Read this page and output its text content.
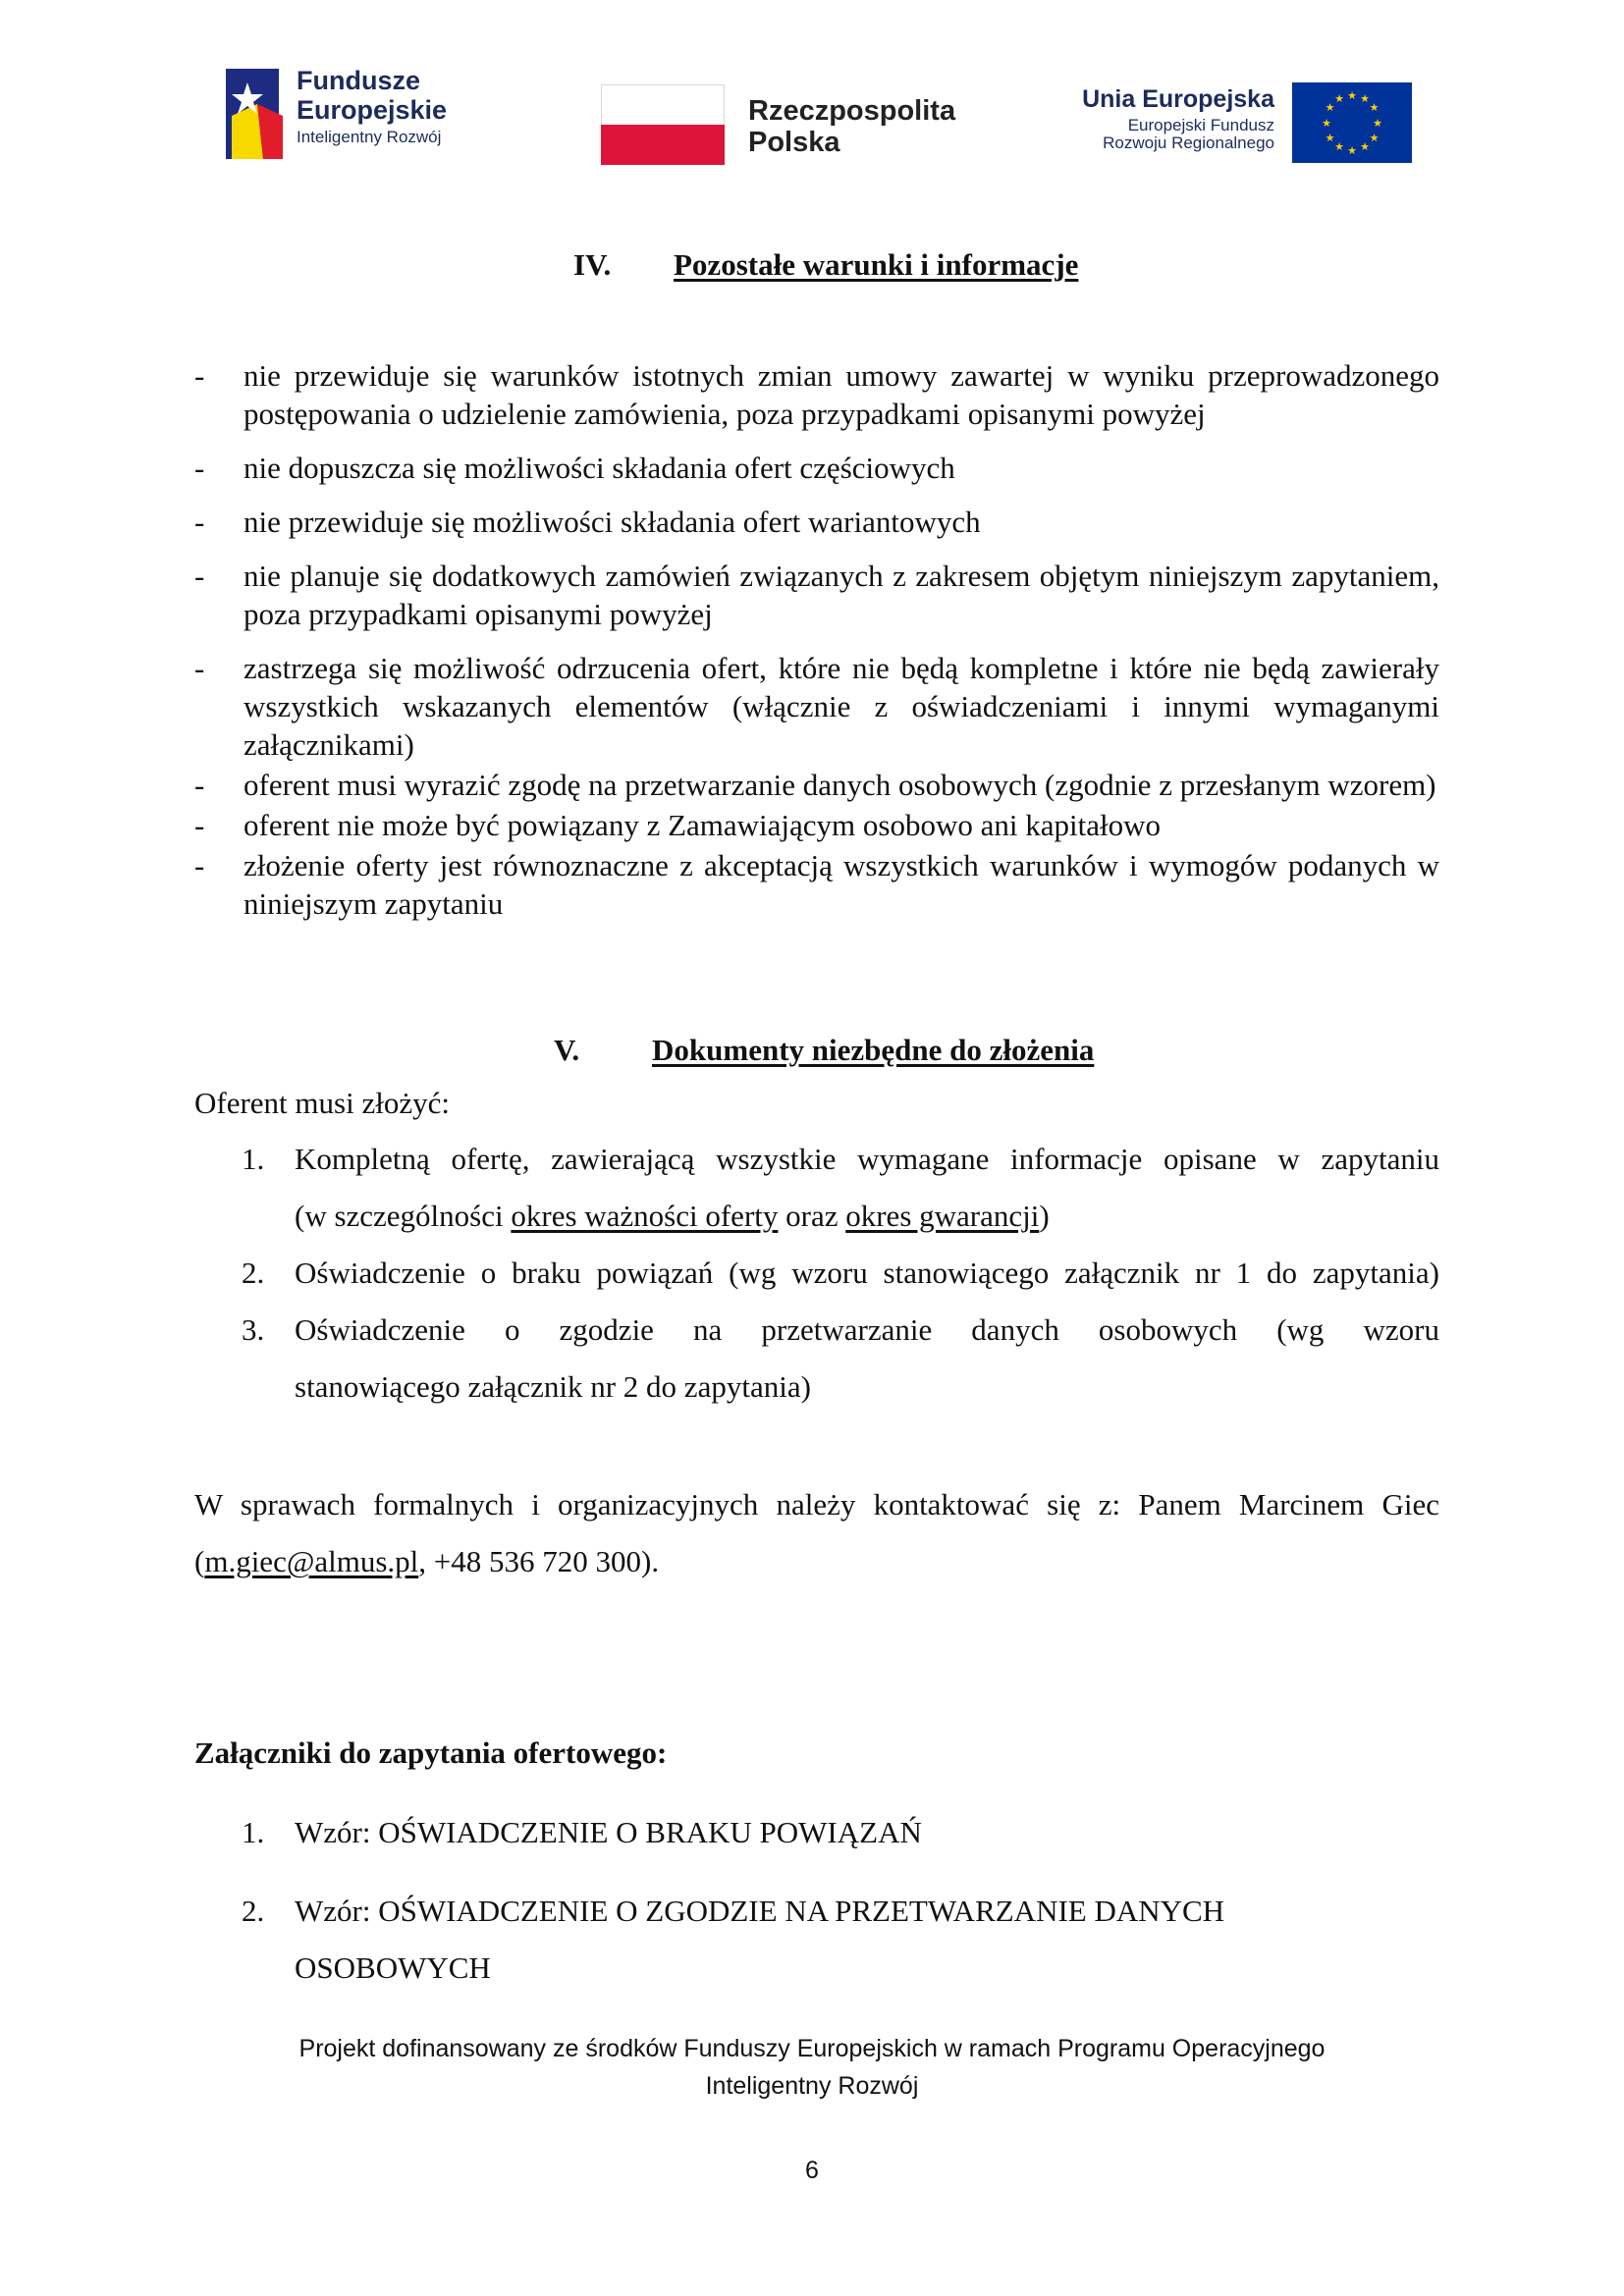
Fundusze
Europejskie
Inteligentny Rozwój
Rzeczpospolita
Polska
Unia Europejska
Europejski Fundusz
Rozwoju Regionalnego
★ ★
★
★
★
★
★
★
★
★
★
★
IV. Pozostałe warunki i informacje

- nie przewiduje się warunków istotnych zmian umowy zawartej w wyniku przeprowadzonego postępowania o udzielenie zamówienia, poza przypadkami opisanymi powyżej

- nie dopuszcza się możliwości składania ofert częściowych

- nie przewiduje się możliwości składania ofert wariantowych

- nie planuje się dodatkowych zamówień związanych z zakresem objętym niniejszym zapytaniem, poza przypadkami opisanymi powyżej

- zastrzega się możliwość odrzucenia ofert, które nie będą kompletne i które nie będą zawierały wszystkich wskazanych elementów (włącznie z oświadczeniami i innymi wymaganymi załącznikami)

- oferent musi wyrazić zgodę na przetwarzanie danych osobowych (zgodnie z przesłanym wzorem)

- oferent nie może być powiązany z Zamawiającym osobowo ani kapitałowo

- złożenie oferty jest równoznaczne z akceptacją wszystkich warunków i wymogów podanych w niniejszym zapytaniu

V. Dokumenty niezbędne do złożenia
Oferent musi złożyć:
1. Kompletną ofertę, zawierającą wszystkie wymagane informacje opisane w zapytaniu
(w szczególności okres ważności oferty oraz okres gwarancji)
2. Oświadczenie o braku powiązań (wg wzoru stanowiącego załącznik nr 1 do zapytania)
3. Oświadczenie o zgodzie na przetwarzanie danych osobowych (wg wzoru
stanowiącego załącznik nr 2 do zapytania)
W sprawach formalnych i organizacyjnych należy kontaktować się z: Panem Marcinem Giec
(m.giec@almus.pl, +48 536 720 300).
Załączniki do zapytania ofertowego:
1. Wzór: OŚWIADCZENIE O BRAKU POWIĄZAŃ
2. Wzór: OŚWIADCZENIE O ZGODZIE NA PRZETWARZANIE DANYCH
OSOBOWYCH
Projekt dofinansowany ze środków Funduszy Europejskich w ramach Programu Operacyjnego
Inteligentny Rozwój
6
